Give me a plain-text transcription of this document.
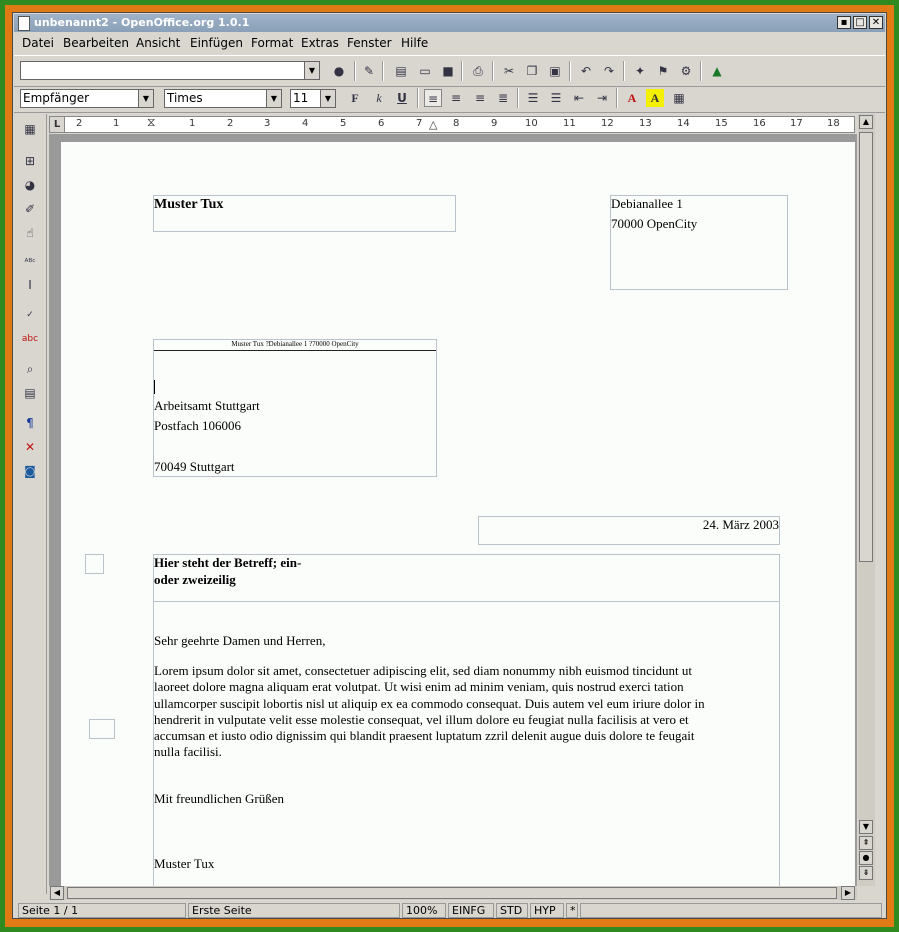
unbenannt2 - OpenOffice.org 1.0.1	▪ □ ✕
Datei Bearbeiten Ansicht Einfügen Format Extras Fenster Hilfe
▼	●	✎	▤ ▭ ■	⎙	✂	❐ ▣	↶	↷	✦	⚑	⚙	▲
Empfänger	▼	Times	▼	11	▼	F	k	U	≡	≡	≡	≣	☰	☰	⇤	⇥	A	A	▦
▦
⊞
◕
✐
☝
ᴬᴮᶜ
I
✓
abc
⌕
▤
¶
✕
◙
L	2	1	1	2	3	4	5	6	7	8	9	10	11	12	13	14	15	16 17 18
⧖	△
Muster Tux	Debianallee 1
70000 OpenCity
Muster Tux ?Debianallee 1 ?70000 OpenCity
Arbeitsamt Stuttgart
Postfach 106006
70049 Stuttgart
24. März 2003
Hier steht der Betreff; ein-
oder zweizeilig
Sehr geehrte Damen und Herren,
Lorem ipsum dolor sit amet, consectetuer adipiscing elit, sed diam nonummy nibh euismod tincidunt ut
laoreet dolore magna aliquam erat volutpat. Ut wisi enim ad minim veniam, quis nostrud exerci tation
ullamcorper suscipit lobortis nisl ut aliquip ex ea commodo consequat. Duis autem vel eum iriure dolor in
hendrerit in vulputate velit esse molestie consequat, vel illum dolore eu feugiat nulla facilisis at vero et
accumsan et iusto odio dignissim qui blandit praesent luptatum zzril delenit augue duis dolore te feugait
nulla facilisi.
Mit freundlichen Grüßen
Muster Tux
▲
▼
⇞
●
⇟
◀	▶
Seite 1 / 1	Erste Seite	100%	EINFG	STD	HYP	*
